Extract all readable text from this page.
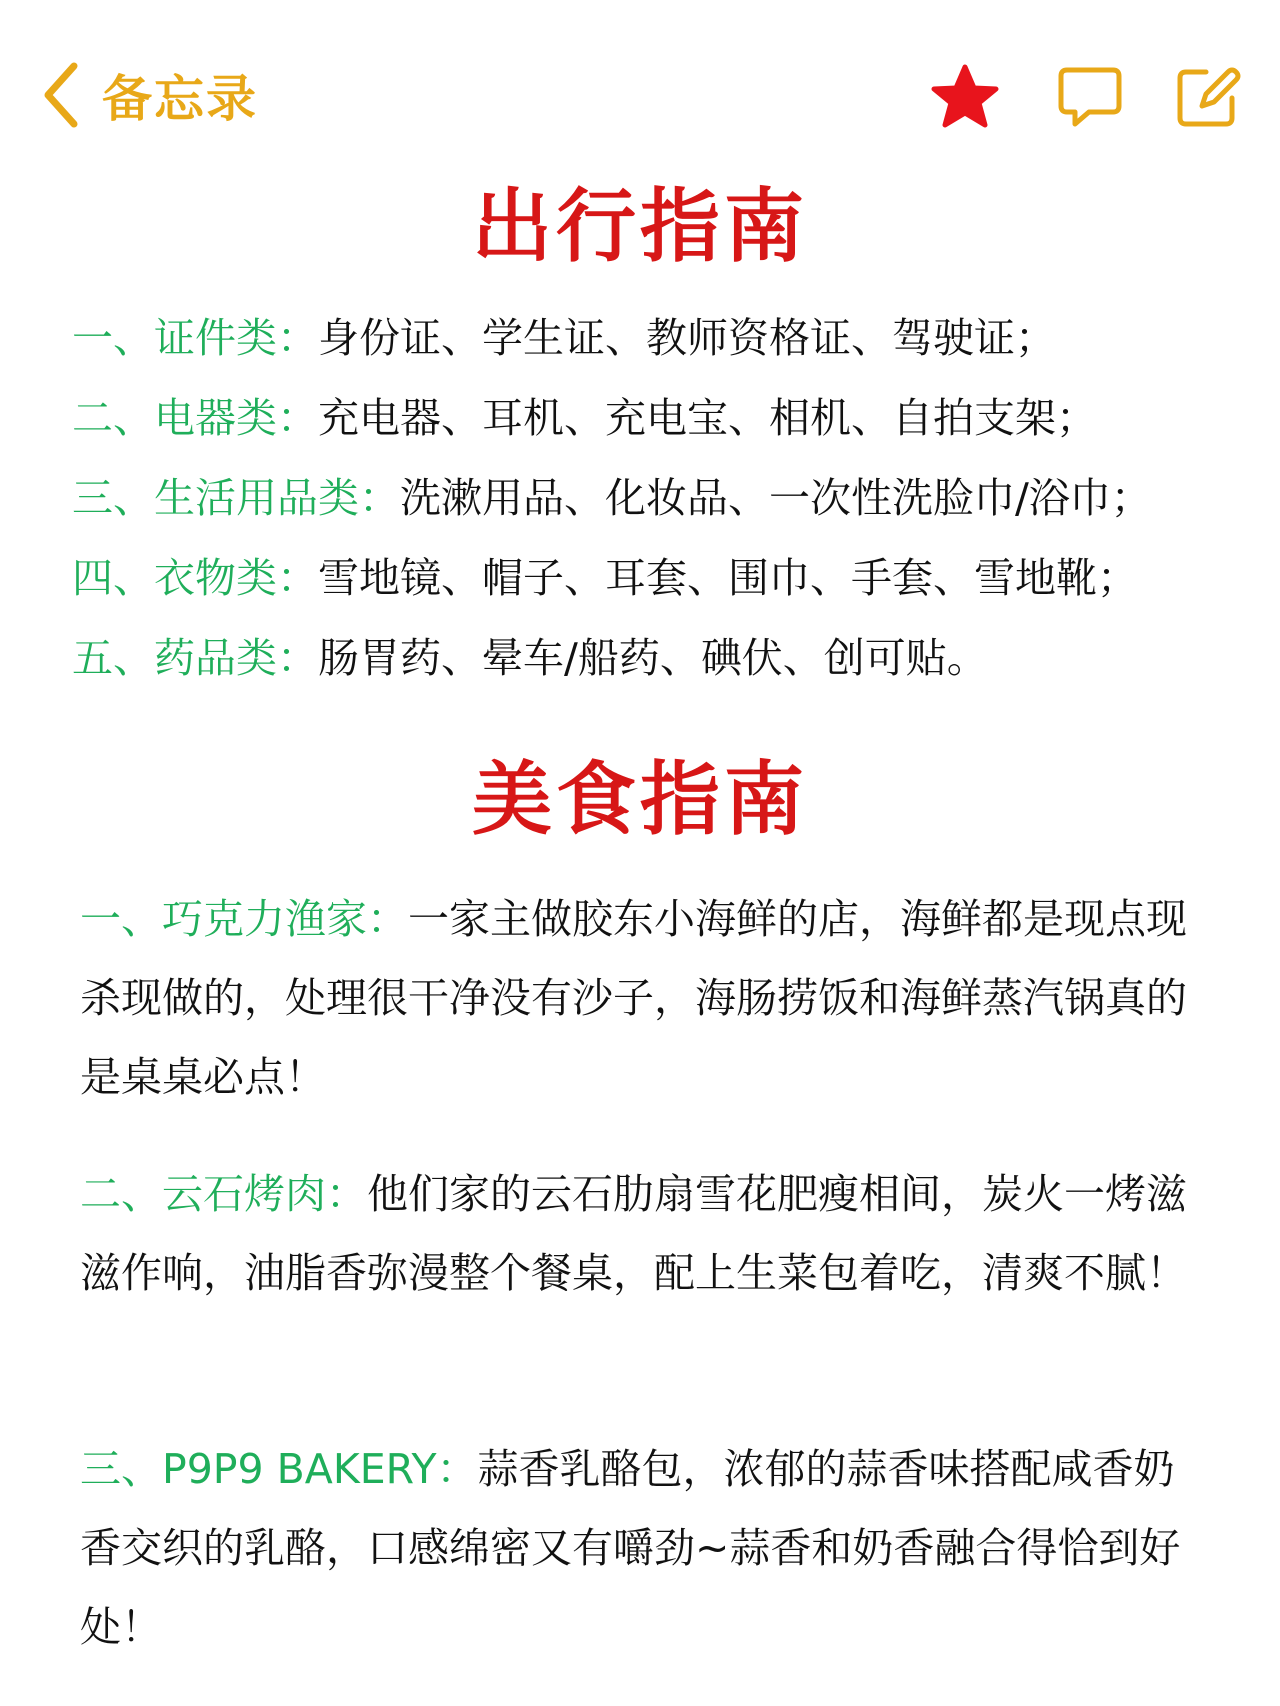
备忘录
出行指南
一、证件类：身份证、学生证、教师资格证、驾驶证；
二、电器类：充电器、耳机、充电宝、相机、自拍支架；
三、生活用品类：洗漱用品、化妆品、一次性洗脸巾/浴巾；
四、衣物类：雪地镜、帽子、耳套、围巾、手套、雪地靴；
五、药品类：肠胃药、晕车/船药、碘伏、创可贴。
美食指南
一、巧克力渔家：一家主做胶东小海鲜的店，海鲜都是现点现杀现做的，处理很干净没有沙子，海肠捞饭和海鲜蒸汽锅真的是桌桌必点！
二、云石烤肉：他们家的云石肋扇雪花肥瘦相间，炭火一烤滋滋作响，油脂香弥漫整个餐桌，配上生菜包着吃，清爽不腻！
三、P9P9 BAKERY：蒜香乳酪包，浓郁的蒜香味搭配咸香奶香交织的乳酪，口感绵密又有嚼劲~蒜香和奶香融合得恰到好处！
